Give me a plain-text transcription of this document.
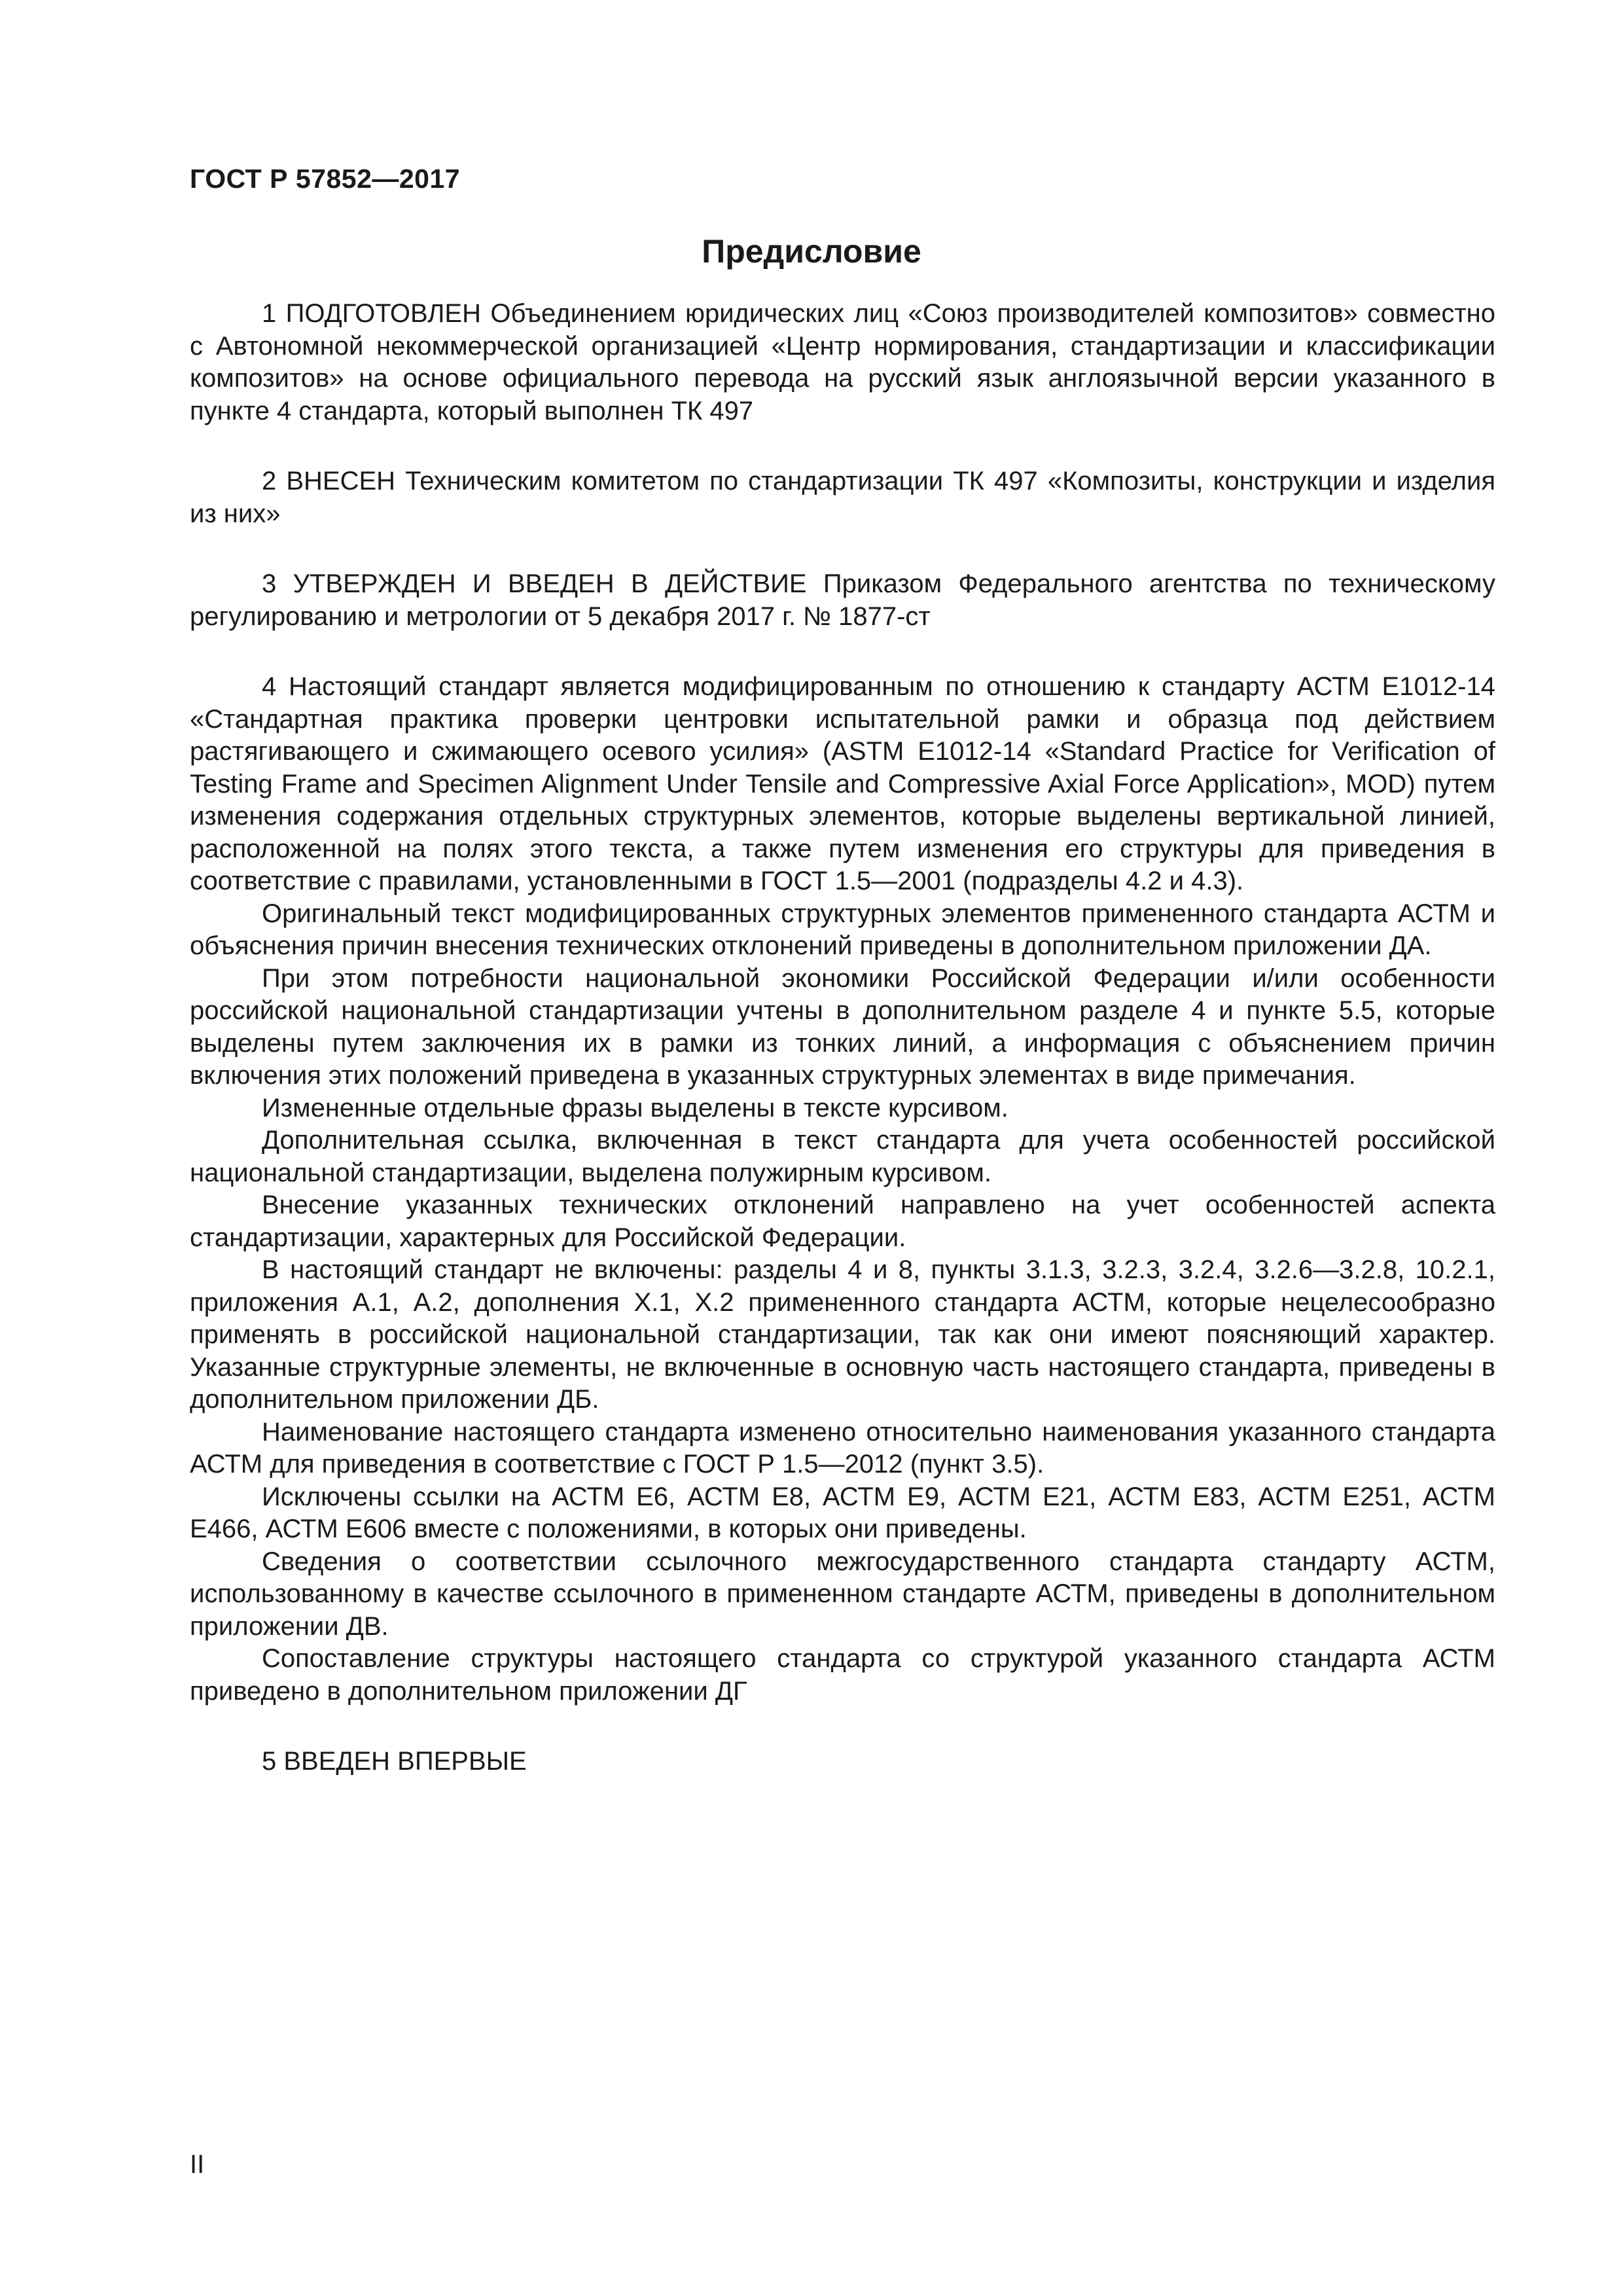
ГОСТ Р 57852—2017
Предисловие

1 ПОДГОТОВЛЕН Объединением юридических лиц «Союз производителей композитов» совместно с Автономной некоммерческой организацией «Центр нормирования, стандартизации и классификации композитов» на основе официального перевода на русский язык англоязычной версии указанного в пункте 4 стандарта, который выполнен ТК 497

2 ВНЕСЕН Техническим комитетом по стандартизации ТК 497 «Композиты, конструкции и изделия из них»

3 УТВЕРЖДЕН И ВВЕДЕН В ДЕЙСТВИЕ Приказом Федерального агентства по техническому регулированию и метрологии от 5 декабря 2017 г. № 1877-ст

4 Настоящий стандарт является модифицированным по отношению к стандарту АСТМ Е1012-14 «Стандартная практика проверки центровки испытательной рамки и образца под действием растягивающего и сжимающего осевого усилия» (ASTM E1012-14 «Standard Practice for Verification of Testing Frame and Specimen Alignment Under Tensile and Compressive Axial Force Application», MOD) путем изменения содержания отдельных структурных элементов, которые выделены вертикальной линией, расположенной на полях этого текста, а также путем изменения его структуры для приведения в соответствие с правилами, установленными в ГОСТ 1.5—2001 (подразделы 4.2 и 4.3).

Оригинальный текст модифицированных структурных элементов примененного стандарта АСТМ и объяснения причин внесения технических отклонений приведены в дополнительном приложении ДА.

При этом потребности национальной экономики Российской Федерации и/или особенности российской национальной стандартизации учтены в дополнительном разделе 4 и пункте 5.5, которые выделены путем заключения их в рамки из тонких линий, а информация с объяснением причин включения этих положений приведена в указанных структурных элементах в виде примечания.

Измененные отдельные фразы выделены в тексте курсивом.

Дополнительная ссылка, включенная в текст стандарта для учета особенностей российской национальной стандартизации, выделена полужирным курсивом.

Внесение указанных технических отклонений направлено на учет особенностей аспекта стандартизации, характерных для Российской Федерации.

В настоящий стандарт не включены: разделы 4 и 8, пункты 3.1.3, 3.2.3, 3.2.4, 3.2.6—3.2.8, 10.2.1, приложения А.1, А.2, дополнения Х.1, Х.2 примененного стандарта АСТМ, которые нецелесообразно применять в российской национальной стандартизации, так как они имеют поясняющий характер. Указанные структурные элементы, не включенные в основную часть настоящего стандарта, приведены в дополнительном приложении ДБ.

Наименование настоящего стандарта изменено относительно наименования указанного стандарта АСТМ для приведения в соответствие с ГОСТ Р 1.5—2012 (пункт 3.5).

Исключены ссылки на АСТМ Е6, АСТМ Е8, АСТМ Е9, АСТМ Е21, АСТМ Е83, АСТМ Е251, АСТМ Е466, АСТМ Е606 вместе с положениями, в которых они приведены.

Сведения о соответствии ссылочного межгосударственного стандарта стандарту АСТМ, использованному в качестве ссылочного в примененном стандарте АСТМ, приведены в дополнительном приложении ДВ.

Сопоставление структуры настоящего стандарта со структурой указанного стандарта АСТМ приведено в дополнительном приложении ДГ

5 ВВЕДЕН ВПЕРВЫЕ

II
